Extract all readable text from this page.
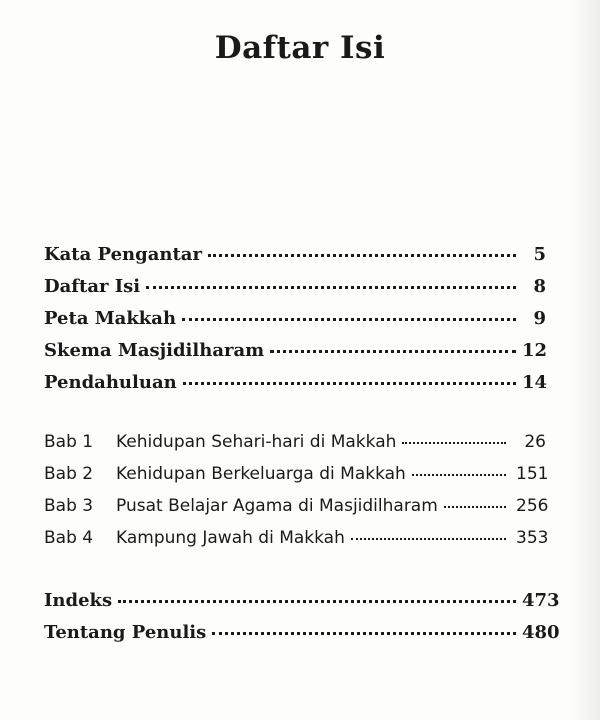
Daftar Isi
Kata Pengantar	5
Daftar Isi	8
Peta Makkah	9
Skema Masjidilharam	12
Pendahuluan	14
Bab 1	Kehidupan Sehari-hari di Makkah	26
Bab 2	Kehidupan Berkeluarga di Makkah	151
Bab 3	Pusat Belajar Agama di Masjidilharam	256
Bab 4	Kampung Jawah di Makkah	353
Indeks	473
Tentang Penulis	480
